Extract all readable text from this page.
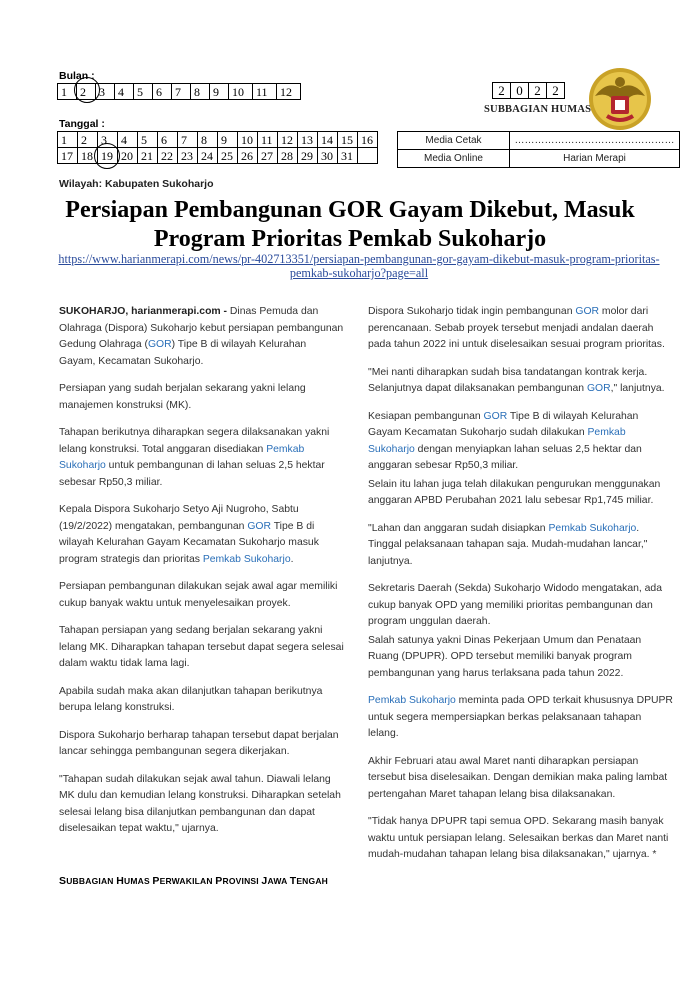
Bulan :
1	2	3	4	5	6	7	8	9	10	11	12
Tanggal :
1	2	3	4	5	6	7	8	9	10	11	12	13	14	15	16
17	18	19	20	21	22	23	24	25	26	27	28	29	30	31	
2	0	2	2
SUBBAGIAN HUMAS
Media Cetak	…………………………………………
Media Online	Harian Merapi
Wilayah: Kabupaten Sukoharjo
Persiapan Pembangunan GOR Gayam Dikebut, Masuk
Program Prioritas Pemkab Sukoharjo
https://www.harianmerapi.com/news/pr-402713351/persiapan-pembangunan-gor-gayam-dikebut-masuk-program-prioritas-
pemkab-sukoharjo?page=all

SUKOHARJO, harianmerapi.com - Dinas Pemuda dan Olahraga (Dispora) Sukoharjo kebut persiapan pembangunan Gedung Olahraga (GOR) Tipe B di wilayah Kelurahan Gayam, Kecamatan Sukoharjo.

Persiapan yang sudah berjalan sekarang yakni lelang manajemen konstruksi (MK).

Tahapan berikutnya diharapkan segera dilaksanakan yakni lelang konstruksi. Total anggaran disediakan Pemkab Sukoharjo untuk pembangunan di lahan seluas 2,5 hektar sebesar Rp50,3 miliar.

Kepala Dispora Sukoharjo Setyo Aji Nugroho, Sabtu (19/2/2022) mengatakan, pembangunan GOR Tipe B di wilayah Kelurahan Gayam Kecamatan Sukoharjo masuk program strategis dan prioritas Pemkab Sukoharjo.

Persiapan pembangunan dilakukan sejak awal agar memiliki cukup banyak waktu untuk menyelesaikan proyek.

Tahapan persiapan yang sedang berjalan sekarang yakni lelang MK. Diharapkan tahapan tersebut dapat segera selesai dalam waktu tidak lama lagi.

Apabila sudah maka akan dilanjutkan tahapan berikutnya berupa lelang konstruksi.

Dispora Sukoharjo berharap tahapan tersebut dapat berjalan lancar sehingga pembangunan segera dikerjakan.

"Tahapan sudah dilakukan sejak awal tahun. Diawali lelang MK dulu dan kemudian lelang konstruksi. Diharapkan setelah selesai lelang bisa dilanjutkan pembangunan dan dapat diselesaikan tepat waktu," ujarnya.

Dispora Sukoharjo tidak ingin pembangunan GOR molor dari perencanaan. Sebab proyek tersebut menjadi andalan daerah pada tahun 2022 ini untuk diselesaikan sesuai program prioritas.

"Mei nanti diharapkan sudah bisa tandatangan kontrak kerja. Selanjutnya dapat dilaksanakan pembangunan GOR," lanjutnya.

Kesiapan pembangunan GOR Tipe B di wilayah Kelurahan Gayam Kecamatan Sukoharjo sudah dilakukan Pemkab Sukoharjo dengan menyiapkan lahan seluas 2,5 hektar dan anggaran sebesar Rp50,3 miliar.

Selain itu lahan juga telah dilakukan pengurukan menggunakan anggaran APBD Perubahan 2021 lalu sebesar Rp1,745 miliar.

"Lahan dan anggaran sudah disiapkan Pemkab Sukoharjo. Tinggal pelaksanaan tahapan saja. Mudah-mudahan lancar," lanjutnya.

Sekretaris Daerah (Sekda) Sukoharjo Widodo mengatakan, ada cukup banyak OPD yang memiliki prioritas pembangunan dan program unggulan daerah.

Salah satunya yakni Dinas Pekerjaan Umum dan Penataan Ruang (DPUPR). OPD tersebut memiliki banyak program pembangunan yang harus terlaksana pada tahun 2022.

Pemkab Sukoharjo meminta pada OPD terkait khususnya DPUPR untuk segera mempersiapkan berkas pelaksanaan tahapan lelang.

Akhir Februari atau awal Maret nanti diharapkan persiapan tersebut bisa diselesaikan. Dengan demikian maka paling lambat pertengahan Maret tahapan lelang bisa dilaksanakan.

"Tidak hanya DPUPR tapi semua OPD. Sekarang masih banyak waktu untuk persiapan lelang. Selesaikan berkas dan Maret nanti mudah-mudahan tahapan lelang bisa dilaksanakan," ujarnya. *

SUBBAGIAN HUMAS PERWAKILAN PROVINSI JAWA TENGAH
